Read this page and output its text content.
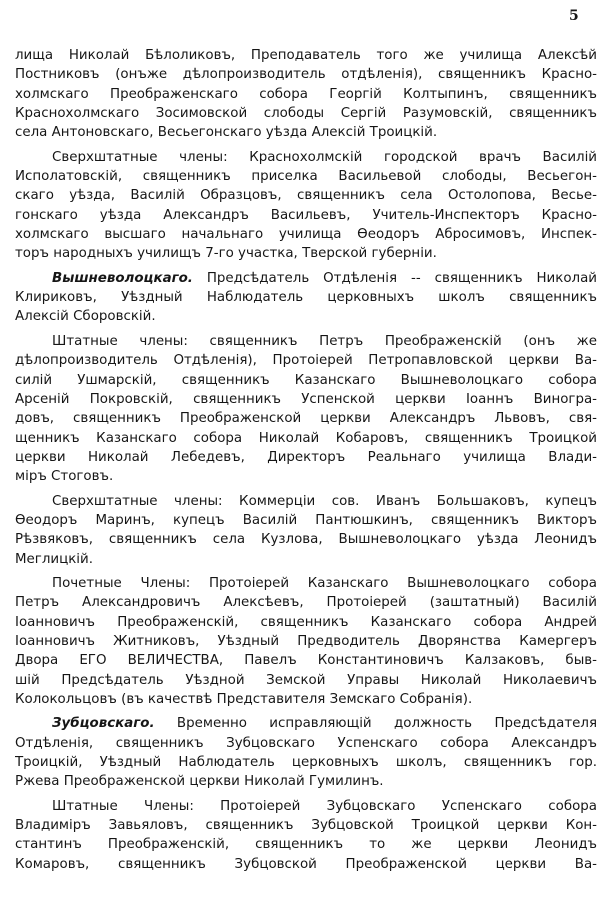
5
лища Николай Бѣлоликовъ, Преподаватель того же училища Алексѣй
Постниковъ (онъже дѣлопроизводитель отдѣленія), священникъ Красно-
холмскаго Преображенскаго собора Георгій Колтыпинъ, священникъ
Краснохолмскаго Зосимовской слободы Сергій Разумовскій, священникъ
села Антоновскаго, Весьегонскаго уѣзда Алексій Троицкій.
Сверхштатные члены: Краснохолмскій городской врачъ Василій
Исполатовскій, священникъ приселка Васильевой слободы, Весьегон-
скаго уѣзда, Василій Образцовъ, священникъ села Остолопова, Весье-
гонскаго уѣзда Александръ Васильевъ, Учитель-Инспекторъ Красно-
холмскаго высшаго начальнаго училища Ѳеодоръ Абросимовъ, Инспек-
торъ народныхъ училищъ 7-го участка, Тверской губерніи.
Вышневолоцкаго. Предсѣдатель Отдѣленія -- священникъ Николай
Клириковъ, Уѣздный Наблюдатель церковныхъ школъ священникъ
Алексій Сборовскій.
Штатные члены: священникъ Петръ Преображенскій (онъ же
дѣлопроизводитель Отдѣленія), Протоіерей Петропавловской церкви Ва-
силій Ушмарскій, священникъ Казанскаго Вышневолоцкаго собора
Арсеній Покровскій, священникъ Успенской церкви Іоаннъ Виногра-
довъ, священникъ Преображенской церкви Александръ Львовъ, свя-
щенникъ Казанскаго собора Николай Кобаровъ, священникъ Троицкой
церкви Николай Лебедевъ, Директоръ Реальнаго училища Влади-
міръ Стоговъ.
Сверхштатные члены: Коммерціи сов. Иванъ Большаковъ, купецъ
Ѳеодоръ Маринъ, купецъ Василій Пантюшкинъ, священникъ Викторъ
Рѣзвяковъ, священникъ села Кузлова, Вышневолоцкаго уѣзда Леонидъ
Меглицкій.
Почетные Члены: Протоіерей Казанскаго Вышневолоцкаго собора
Петръ Александровичъ Алексѣевъ, Протоіерей (заштатный) Василій
Іоанновичъ Преображенскій, священникъ Казанскаго собора Андрей
Іоанновичъ Житниковъ, Уѣздный Предводитель Дворянства Камергеръ
Двора ЕГО ВЕЛИЧЕСТВА, Павелъ Константиновичъ Калзаковъ, быв-
шій Предсѣдатель Уѣздной Земской Управы Николай Николаевичъ
Колокольцовъ (въ качествѣ Представителя Земскаго Собранія).
Зубцовскаго. Временно исправляющій должность Предсѣдателя
Отдѣленія, священникъ Зубцовскаго Успенскаго собора Александръ
Троицкій, Уѣздный Наблюдатель церковныхъ школъ, священникъ гор.
Ржева Преображенской церкви Николай Гумилинъ.
Штатные Члены: Протоіерей Зубцовскаго Успенскаго собора
Владиміръ Завьяловъ, священникъ Зубцовской Троицкой церкви Кон-
стантинъ Преображенскій, священникъ то же церкви Леонидъ
Комаровъ, священникъ Зубцовской Преображенской церкви Ва-
